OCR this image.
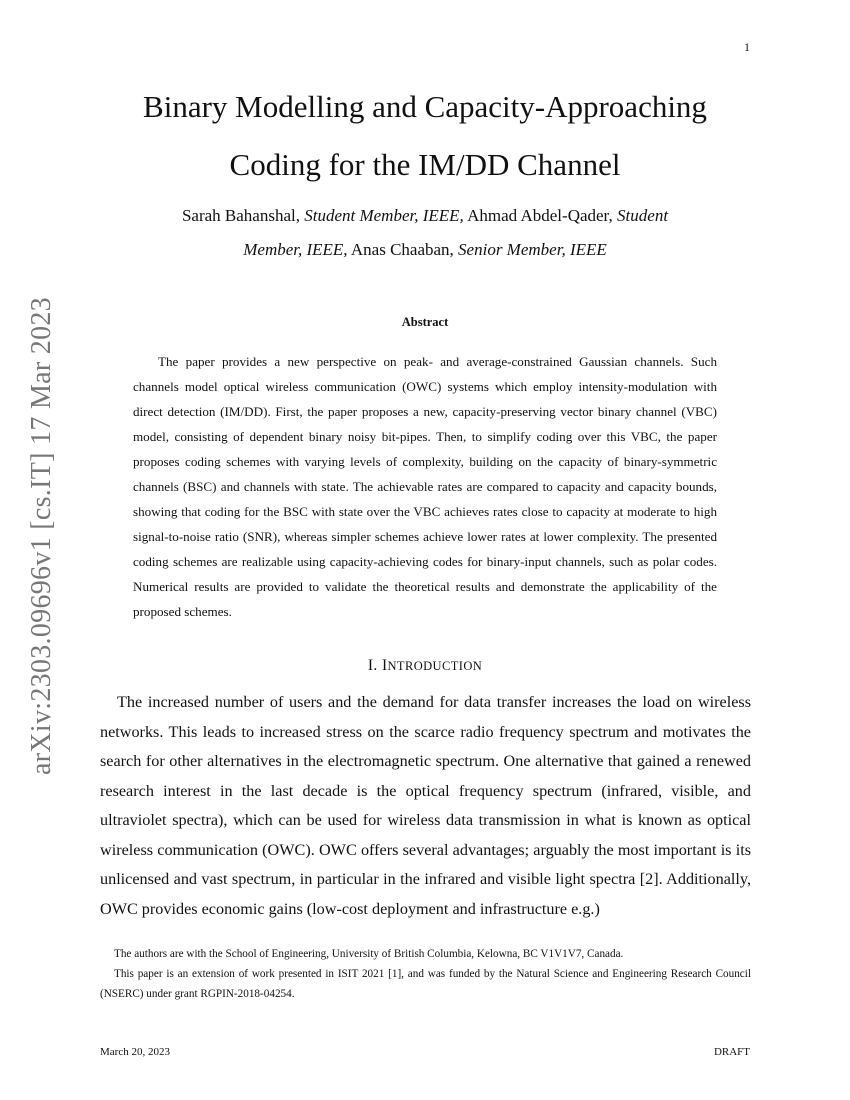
1
arXiv:2303.09696v1 [cs.IT] 17 Mar 2023
Binary Modelling and Capacity-Approaching
Coding for the IM/DD Channel
Sarah Bahanshal, Student Member, IEEE, Ahmad Abdel-Qader, Student
Member, IEEE, Anas Chaaban, Senior Member, IEEE
Abstract
The paper provides a new perspective on peak- and average-constrained Gaussian channels. Such channels model optical wireless communication (OWC) systems which employ intensity-modulation with direct detection (IM/DD). First, the paper proposes a new, capacity-preserving vector binary channel (VBC) model, consisting of dependent binary noisy bit-pipes. Then, to simplify coding over this VBC, the paper proposes coding schemes with varying levels of complexity, building on the capacity of binary-symmetric channels (BSC) and channels with state. The achievable rates are compared to capacity and capacity bounds, showing that coding for the BSC with state over the VBC achieves rates close to capacity at moderate to high signal-to-noise ratio (SNR), whereas simpler schemes achieve lower rates at lower complexity. The presented coding schemes are realizable using capacity-achieving codes for binary-input channels, such as polar codes. Numerical results are provided to validate the theoretical results and demonstrate the applicability of the proposed schemes.
I. INTRODUCTION
The increased number of users and the demand for data transfer increases the load on wireless networks. This leads to increased stress on the scarce radio frequency spectrum and motivates the search for other alternatives in the electromagnetic spectrum. One alternative that gained a renewed research interest in the last decade is the optical frequency spectrum (infrared, visible, and ultraviolet spectra), which can be used for wireless data transmission in what is known as optical wireless communication (OWC). OWC offers several advantages; arguably the most important is its unlicensed and vast spectrum, in particular in the infrared and visible light spectra [2]. Additionally, OWC provides economic gains (low-cost deployment and infrastructure e.g.)

The authors are with the School of Engineering, University of British Columbia, Kelowna, BC V1V1V7, Canada.

This paper is an extension of work presented in ISIT 2021 [1], and was funded by the Natural Science and Engineering Research Council (NSERC) under grant RGPIN-2018-04254.

March 20, 2023	DRAFT
